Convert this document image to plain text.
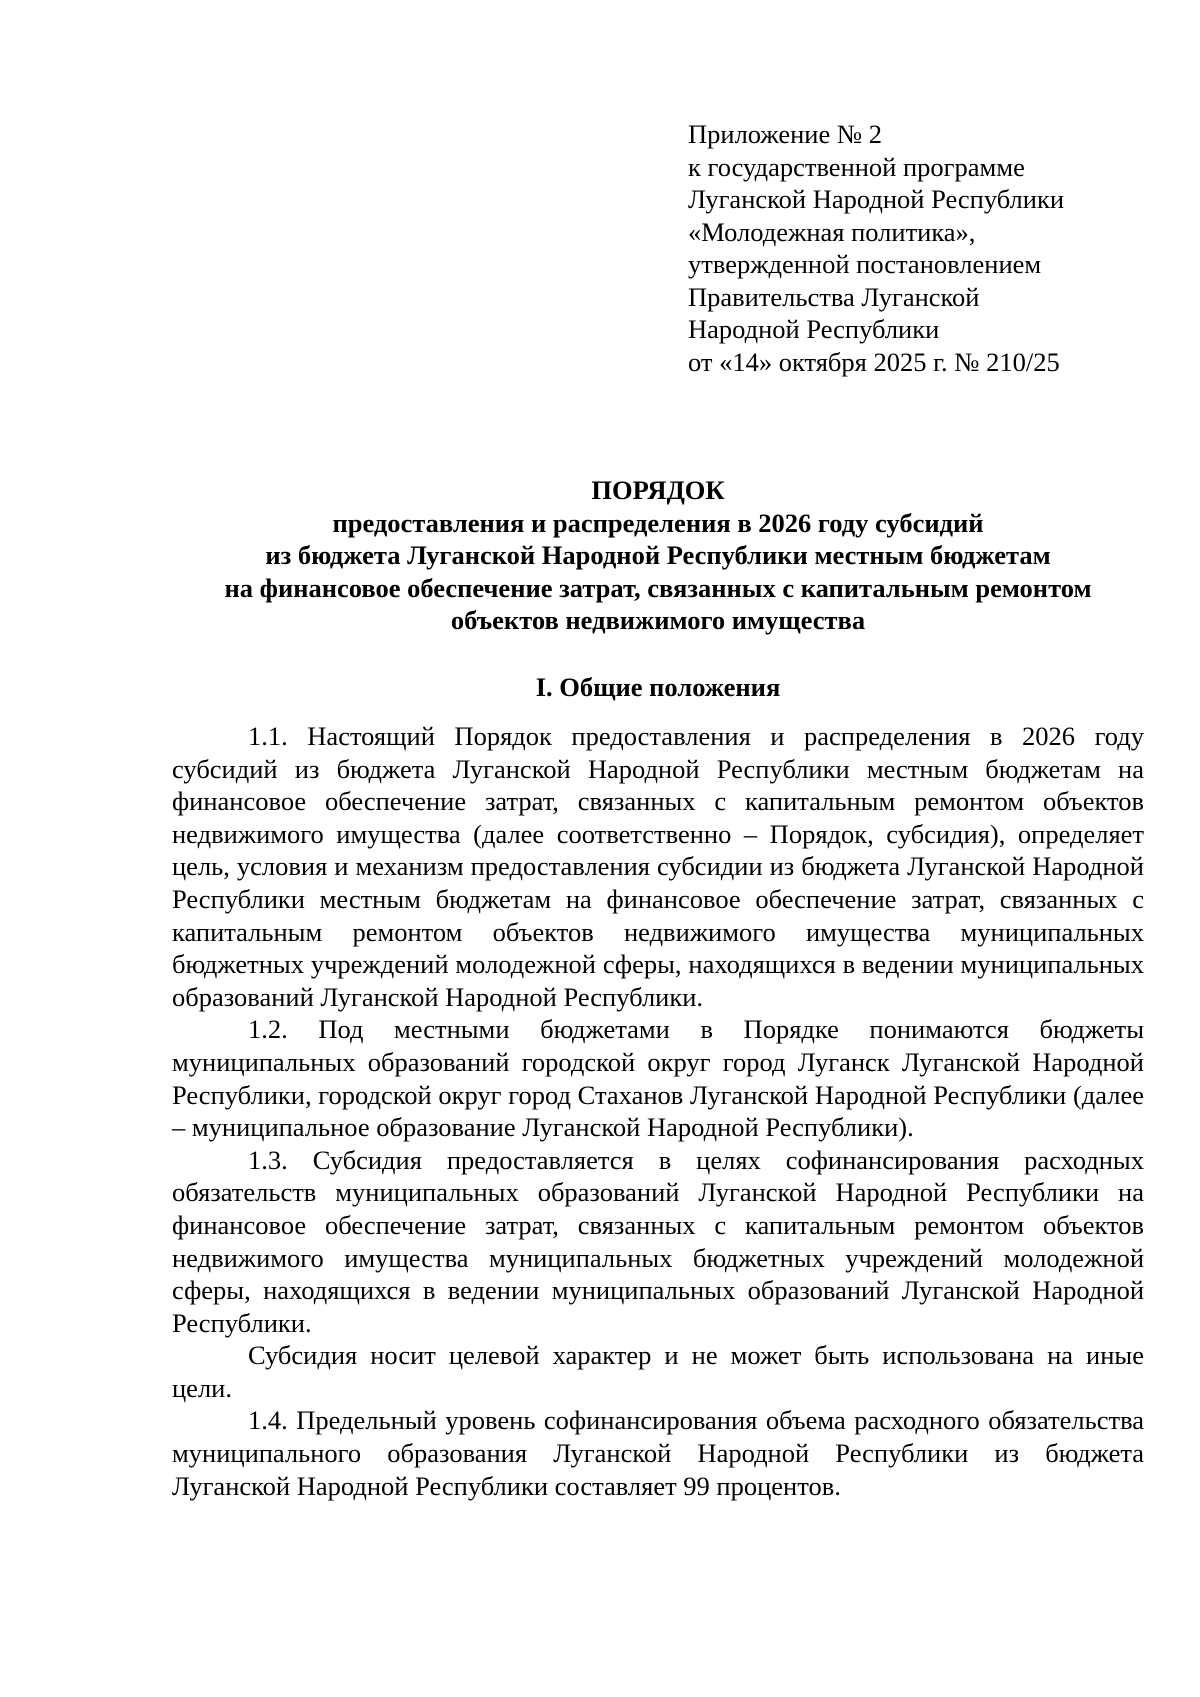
Приложение № 2
к государственной программе
Луганской Народной Республики
«Молодежная политика»,
утвержденной постановлением
Правительства Луганской
Народной Республики
от «14» октября 2025 г. № 210/25
ПОРЯДОК
предоставления и распределения в 2026 году субсидий
из бюджета Луганской Народной Республики местным бюджетам
на финансовое обеспечение затрат, связанных с капитальным ремонтом
объектов недвижимого имущества
I. Общие положения

1.1. Настоящий Порядок предоставления и распределения в 2026 году субсидий из бюджета Луганской Народной Республики местным бюджетам на финансовое обеспечение затрат, связанных с капитальным ремонтом объектов недвижимого имущества (далее соответственно – Порядок, субсидия), определяет цель, условия и механизм предоставления субсидии из бюджета Луганской Народной Республики местным бюджетам на финансовое обеспечение затрат, связанных с капитальным ремонтом объектов недвижимого имущества муниципальных бюджетных учреждений молодежной сферы, находящихся в ведении муниципальных образований Луганской Народной Республики.

1.2. Под местными бюджетами в Порядке понимаются бюджеты муниципальных образований городской округ город Луганск Луганской Народной Республики, городской округ город Стаханов Луганской Народной Республики (далее – муниципальное образование Луганской Народной Республики).

1.3. Субсидия предоставляется в целях софинансирования расходных обязательств муниципальных образований Луганской Народной Республики на финансовое обеспечение затрат, связанных с капитальным ремонтом объектов недвижимого имущества муниципальных бюджетных учреждений молодежной сферы, находящихся в ведении муниципальных образований Луганской Народной Республики.

Субсидия носит целевой характер и не может быть использована на иные цели.

1.4. Предельный уровень софинансирования объема расходного обязательства муниципального образования Луганской Народной Республики из бюджета Луганской Народной Республики составляет 99 процентов.
